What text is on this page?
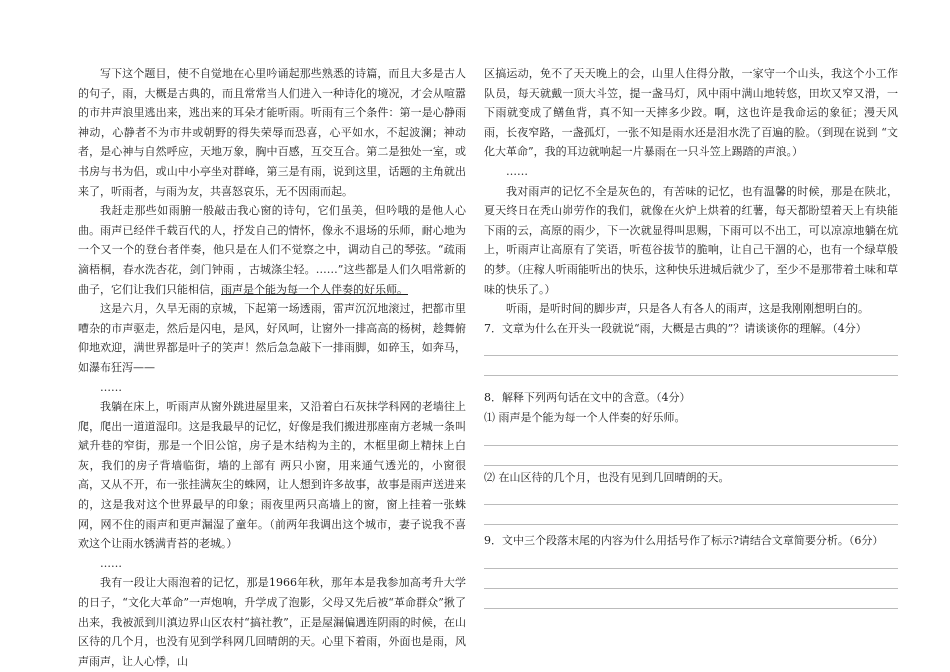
写下这个题目，使不自觉地在心里吟诵起那些熟悉的诗篇，而且大多是古人的句子，雨，大概是古典的，而且常常当人们进入一种诗化的境况，才会从喧嚣的市井声浪里逃出来，逃出来的耳朵才能听雨。听雨有三个条件：第一是心静雨神动，心静者不为市井或朝野的得失荣辱而恐喜，心平如水，不起波澜；神动者，是心神与自然呼应，天地万象，胸中百感，互交互合。第二是独处一室，或书房与书为侣，或山中小亭坐对群峰，第三是有雨，说到这里，话题的主角就出来了，听雨者，与雨为友，共喜怒哀乐，无不因雨而起。

我赶走那些如雨腑一般敲击我心窗的诗句，它们虽美，但吟哦的是他人心曲。雨声已经伴千载百代的人，抒发自己的情怀，像永不退场的乐师，耐心地为一个又一个的登台者伴奏，他只是在人们不觉察之中，调动自己的琴弦。“疏雨滴梧桐，春水洗杏花，剑门钟雨 ，古城涤尘轻。……”这些都是人们久唱常新的曲子，它们让我们只能相信，雨声是个能为每一个人伴奏的好乐师。

这是六月，久旱无雨的京城，下起第一场透雨，雷声沉沉地滚过，把都市里嘈杂的市声驱走，然后是闪电，是风，好风呵，让窗外一排高高的杨树，趁舞俯仰地欢迎，满世界都是叶子的笑声！然后急急敲下一排雨脚，如碎玉，如奔马，如瀑布狂泻——

……

我躺在床上，听雨声从窗外跳进屋里来，又沿着白石灰抹学科网的老墙往上爬，爬出一道道湿印。这是我最早的记忆，好像是我们搬进那座南方老城一条叫斌升巷的窄街，那是一个旧公馆，房子是木结构为主的，木框里砌上精抹上白灰，我们的房子背墙临街，墙的上部有 两只小窗，用来通气透光的，小窗很高，又从不开，布一张挂满灰尘的蛛网，让人想到许多故事，故事是雨声送进来的，这是我对这个世界最早的印象；雨夜里两只高墙上的窗，窗上挂着一张蛛网，网不住的雨声和更声漏湿了童年。（前两年我调出这个城市，妻子说我不喜欢这个让雨水锈满青苔的老城。）

……

我有一段让大雨泡着的记忆，那是1966年秋，那年本是我参加高考升大学的日子，“文化大革命”一声炮响，升学成了泡影，父母又先后被“革命群众”揪了出来，我被派到川滇边界山区农村“搞社教”，正是屋漏偏遇连阴雨的时候，在山区待的几个月，也没有见到学科网几回晴朗的天。心里下着雨，外面也是雨，风声雨声，让人心悸，山

区搞运动，免不了天天晚上的会，山里人住得分散，一家守一个山头，我这个小工作队员，每天就戴一顶大斗笠，提一盏马灯，风中雨中满山地转悠，田坎又窄又滑，一下雨就变成了鳝鱼背，真不知一天摔多少跤。啊，这也许是我命运的象征；漫天风雨，长夜窄路，一盏孤灯，一张不知是雨水还是泪水洗了百遍的脸。（到现在说到 “文化大革命”，我的耳边就响起一片暴雨在一只斗笠上踢踏的声浪。）

……

我对雨声的记忆不全是灰色的，有苦味的记忆，也有温馨的时候，那是在陕北，夏天终日在秃山峁劳作的我们，就像在火炉上烘着的红薯，每天都盼望着天上有块能下雨的云，高原的雨少，下一次就显得叫思赐，下雨可以不出工，可以凉凉地躺在炕上，听雨声让高原有了笑语，听苞谷拔节的脆响，让自己干涸的心，也有一个绿草般的梦。（庄稼人听雨能听出的快乐，这种快乐进城后就少了，至少不是那带着土味和草味的快乐了。）

听雨，是听时间的脚步声，只是各人有各人的雨声，这是我刚刚想明白的。

7．文章为什么在开头一段就说“雨，大概是古典的”？请谈谈你的理解。（4分）
8．解释下列两句话在文中的含意。（4分）
⑴ 雨声是个能为每一个人伴奏的好乐师。
⑵ 在山区待的几个月，也没有见到几回晴朗的天。
9．文中三个段落末尾的内容为什么用括号作了标示?请结合文章简要分析。（6分）
